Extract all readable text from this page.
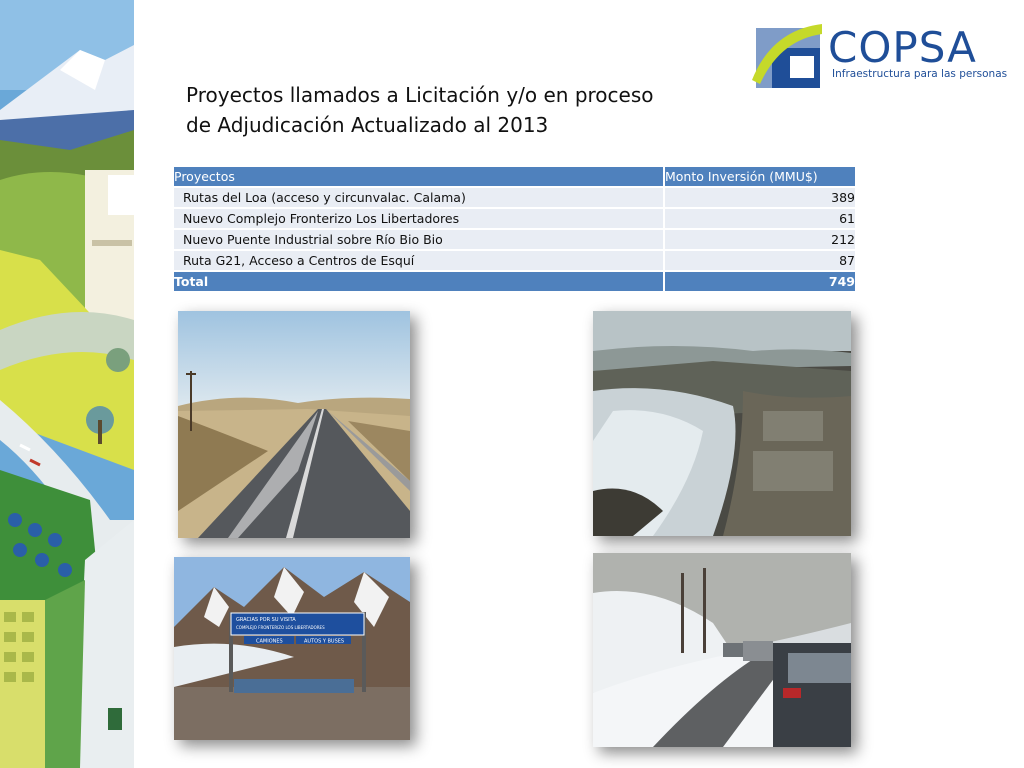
COPSA
Infraestructura para las personas
Proyectos llamados a Licitación y/o en proceso
de Adjudicación Actualizado al 2013
Proyectos	Monto Inversión (MMU$)
Rutas del Loa (acceso y circunvalac. Calama)	389
Nuevo Complejo Fronterizo Los Libertadores	61
Nuevo Puente Industrial sobre Río Bio Bio	212
Ruta G21, Acceso a Centros de Esquí	87
Total	749
GRACIAS POR SU VISITA
COMPLEJO FRONTERIZO LOS LIBERTADORES
CAMIONES	AUTOS Y BUSES
